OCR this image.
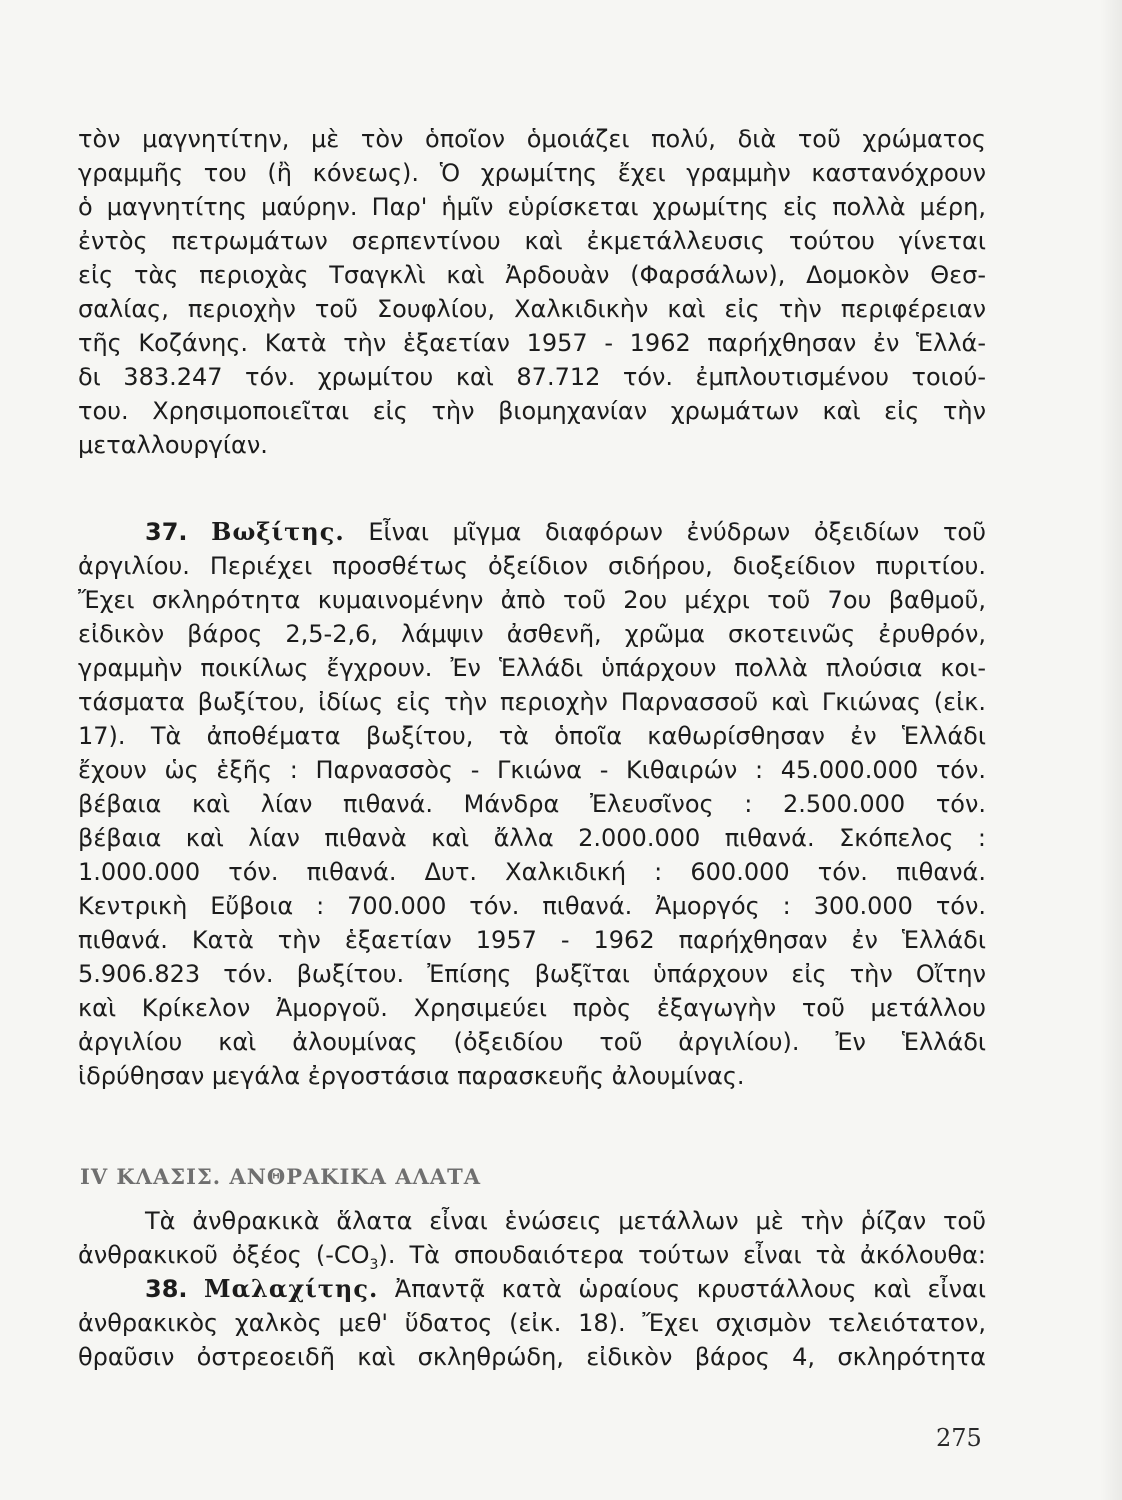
τὸν μαγνητίτην, μὲ τὸν ὁποῖον ὁμοιάζει πολύ, διὰ τοῦ χρώματος
γραμμῆς του (ἢ κόνεως). Ὁ χρωμίτης ἔχει γραμμὴν καστανόχρουν
ὁ μαγνητίτης μαύρην. Παρ' ἡμῖν εὑρίσκεται χρωμίτης εἰς πολλὰ μέρη,
ἐντὸς πετρωμάτων σερπεντίνου καὶ ἐκμετάλλευσις τούτου γίνεται
εἰς τὰς περιοχὰς Τσαγκλὶ καὶ Ἀρδουὰν (Φαρσάλων), Δομοκὸν Θεσ-
σαλίας, περιοχὴν τοῦ Σουφλίου, Χαλκιδικὴν καὶ εἰς τὴν περιφέρειαν
τῆς Κοζάνης. Κατὰ τὴν ἑξαετίαν 1957 - 1962 παρήχθησαν ἐν Ἑλλά-
δι 383.247 τόν. χρωμίτου καὶ 87.712 τόν. ἐμπλουτισμένου τοιού-
του. Χρησιμοποιεῖται εἰς τὴν βιομηχανίαν χρωμάτων καὶ εἰς τὴν
μεταλλουργίαν.
37. Βωξίτης. Εἶναι μῖγμα διαφόρων ἐνύδρων ὀξειδίων τοῦ
ἀργιλίου. Περιέχει προσθέτως ὀξείδιον σιδήρου, διοξείδιον πυριτίου.
Ἔχει σκληρότητα κυμαινομένην ἀπὸ τοῦ 2ου μέχρι τοῦ 7ου βαθμοῦ,
εἰδικὸν βάρος 2,5-2,6, λάμψιν ἀσθενῆ, χρῶμα σκοτεινῶς ἐρυθρόν,
γραμμὴν ποικίλως ἔγχρουν. Ἐν Ἑλλάδι ὑπάρχουν πολλὰ πλούσια κοι-
τάσματα βωξίτου, ἰδίως εἰς τὴν περιοχὴν Παρνασσοῦ καὶ Γκιώνας (εἰκ.
17). Τὰ ἀποθέματα βωξίτου, τὰ ὁποῖα καθωρίσθησαν ἐν Ἑλλάδι
ἔχουν ὡς ἑξῆς : Παρνασσὸς - Γκιώνα - Κιθαιρών : 45.000.000 τόν.
βέβαια καὶ λίαν πιθανά. Μάνδρα Ἐλευσῖνος : 2.500.000 τόν.
βέβαια καὶ λίαν πιθανὰ καὶ ἄλλα 2.000.000 πιθανά. Σκόπελος :
1.000.000 τόν. πιθανά. Δυτ. Χαλκιδική : 600.000 τόν. πιθανά.
Κεντρικὴ Εὔβοια : 700.000 τόν. πιθανά. Ἀμοργός : 300.000 τόν.
πιθανά. Κατὰ τὴν ἑξαετίαν 1957 - 1962 παρήχθησαν ἐν Ἑλλάδι
5.906.823 τόν. βωξίτου. Ἐπίσης βωξῖται ὑπάρχουν εἰς τὴν Οἴτην
καὶ Κρίκελον Ἀμοργοῦ. Χρησιμεύει πρὸς ἐξαγωγὴν τοῦ μετάλλου
ἀργιλίου καὶ ἀλουμίνας (ὀξειδίου τοῦ ἀργιλίου). Ἐν Ἑλλάδι
ἱδρύθησαν μεγάλα ἐργοστάσια παρασκευῆς ἀλουμίνας.
IV ΚΛΑΣΙΣ. ΑΝΘΡΑΚΙΚΑ ΑΛΑΤΑ
Τὰ ἀνθρακικὰ ἅλατα εἶναι ἑνώσεις μετάλλων μὲ τὴν ῥίζαν τοῦ
ἀνθρακικοῦ ὀξέος $(-CO_3)$. Τὰ σπουδαιότερα τούτων εἶναι τὰ ἀκόλουθα:
38. Μαλαχίτης. Ἀπαντᾷ κατὰ ὡραίους κρυστάλλους καὶ εἶναι
ἀνθρακικὸς χαλκὸς μεθ' ὕδατος (εἰκ. 18). Ἔχει σχισμὸν τελειότατον,
θραῦσιν ὀστρεοειδῆ καὶ σκληθρώδη, εἰδικὸν βάρος 4, σκληρότητα
275
